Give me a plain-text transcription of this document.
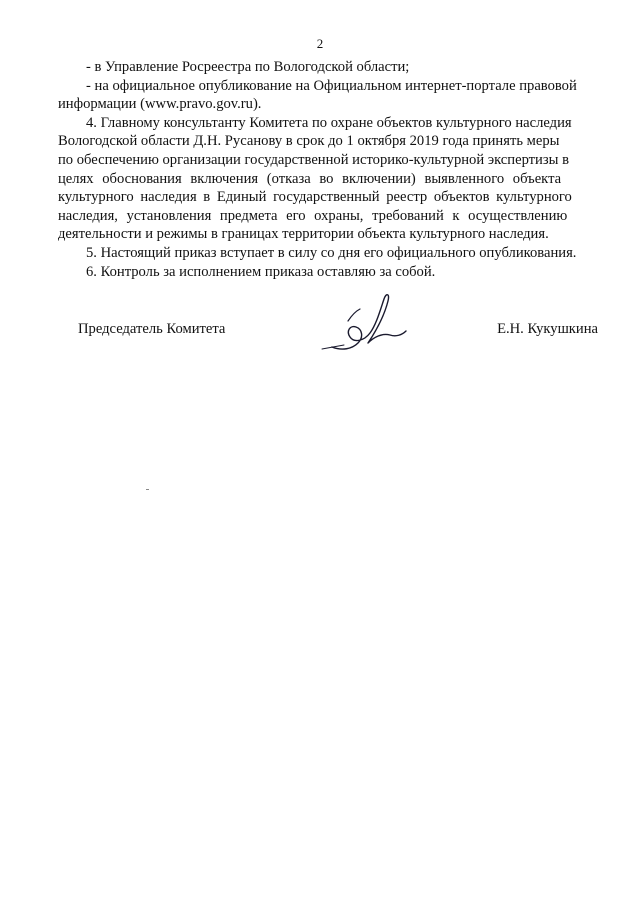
2
- в Управление Росреестра по Вологодской области;
- на официальное опубликование на Официальном интернет-портале правовой
информации (www.pravo.gov.ru).
4. Главному консультанту Комитета по охране объектов культурного наследия
Вологодской области Д.Н. Русанову в срок до 1 октября 2019 года принять меры
по обеспечению организации государственной историко-культурной экспертизы в
целях обоснования включения (отказа во включении) выявленного объекта
культурного наследия в Единый государственный реестр объектов культурного
наследия, установления предмета его охраны, требований к осуществлению
деятельности и режимы в границах территории объекта культурного наследия.
5. Настоящий приказ вступает в силу со дня его официального опубликования.
6. Контроль за исполнением приказа оставляю за собой.
Председатель Комитета	Е.Н. Кукушкина
